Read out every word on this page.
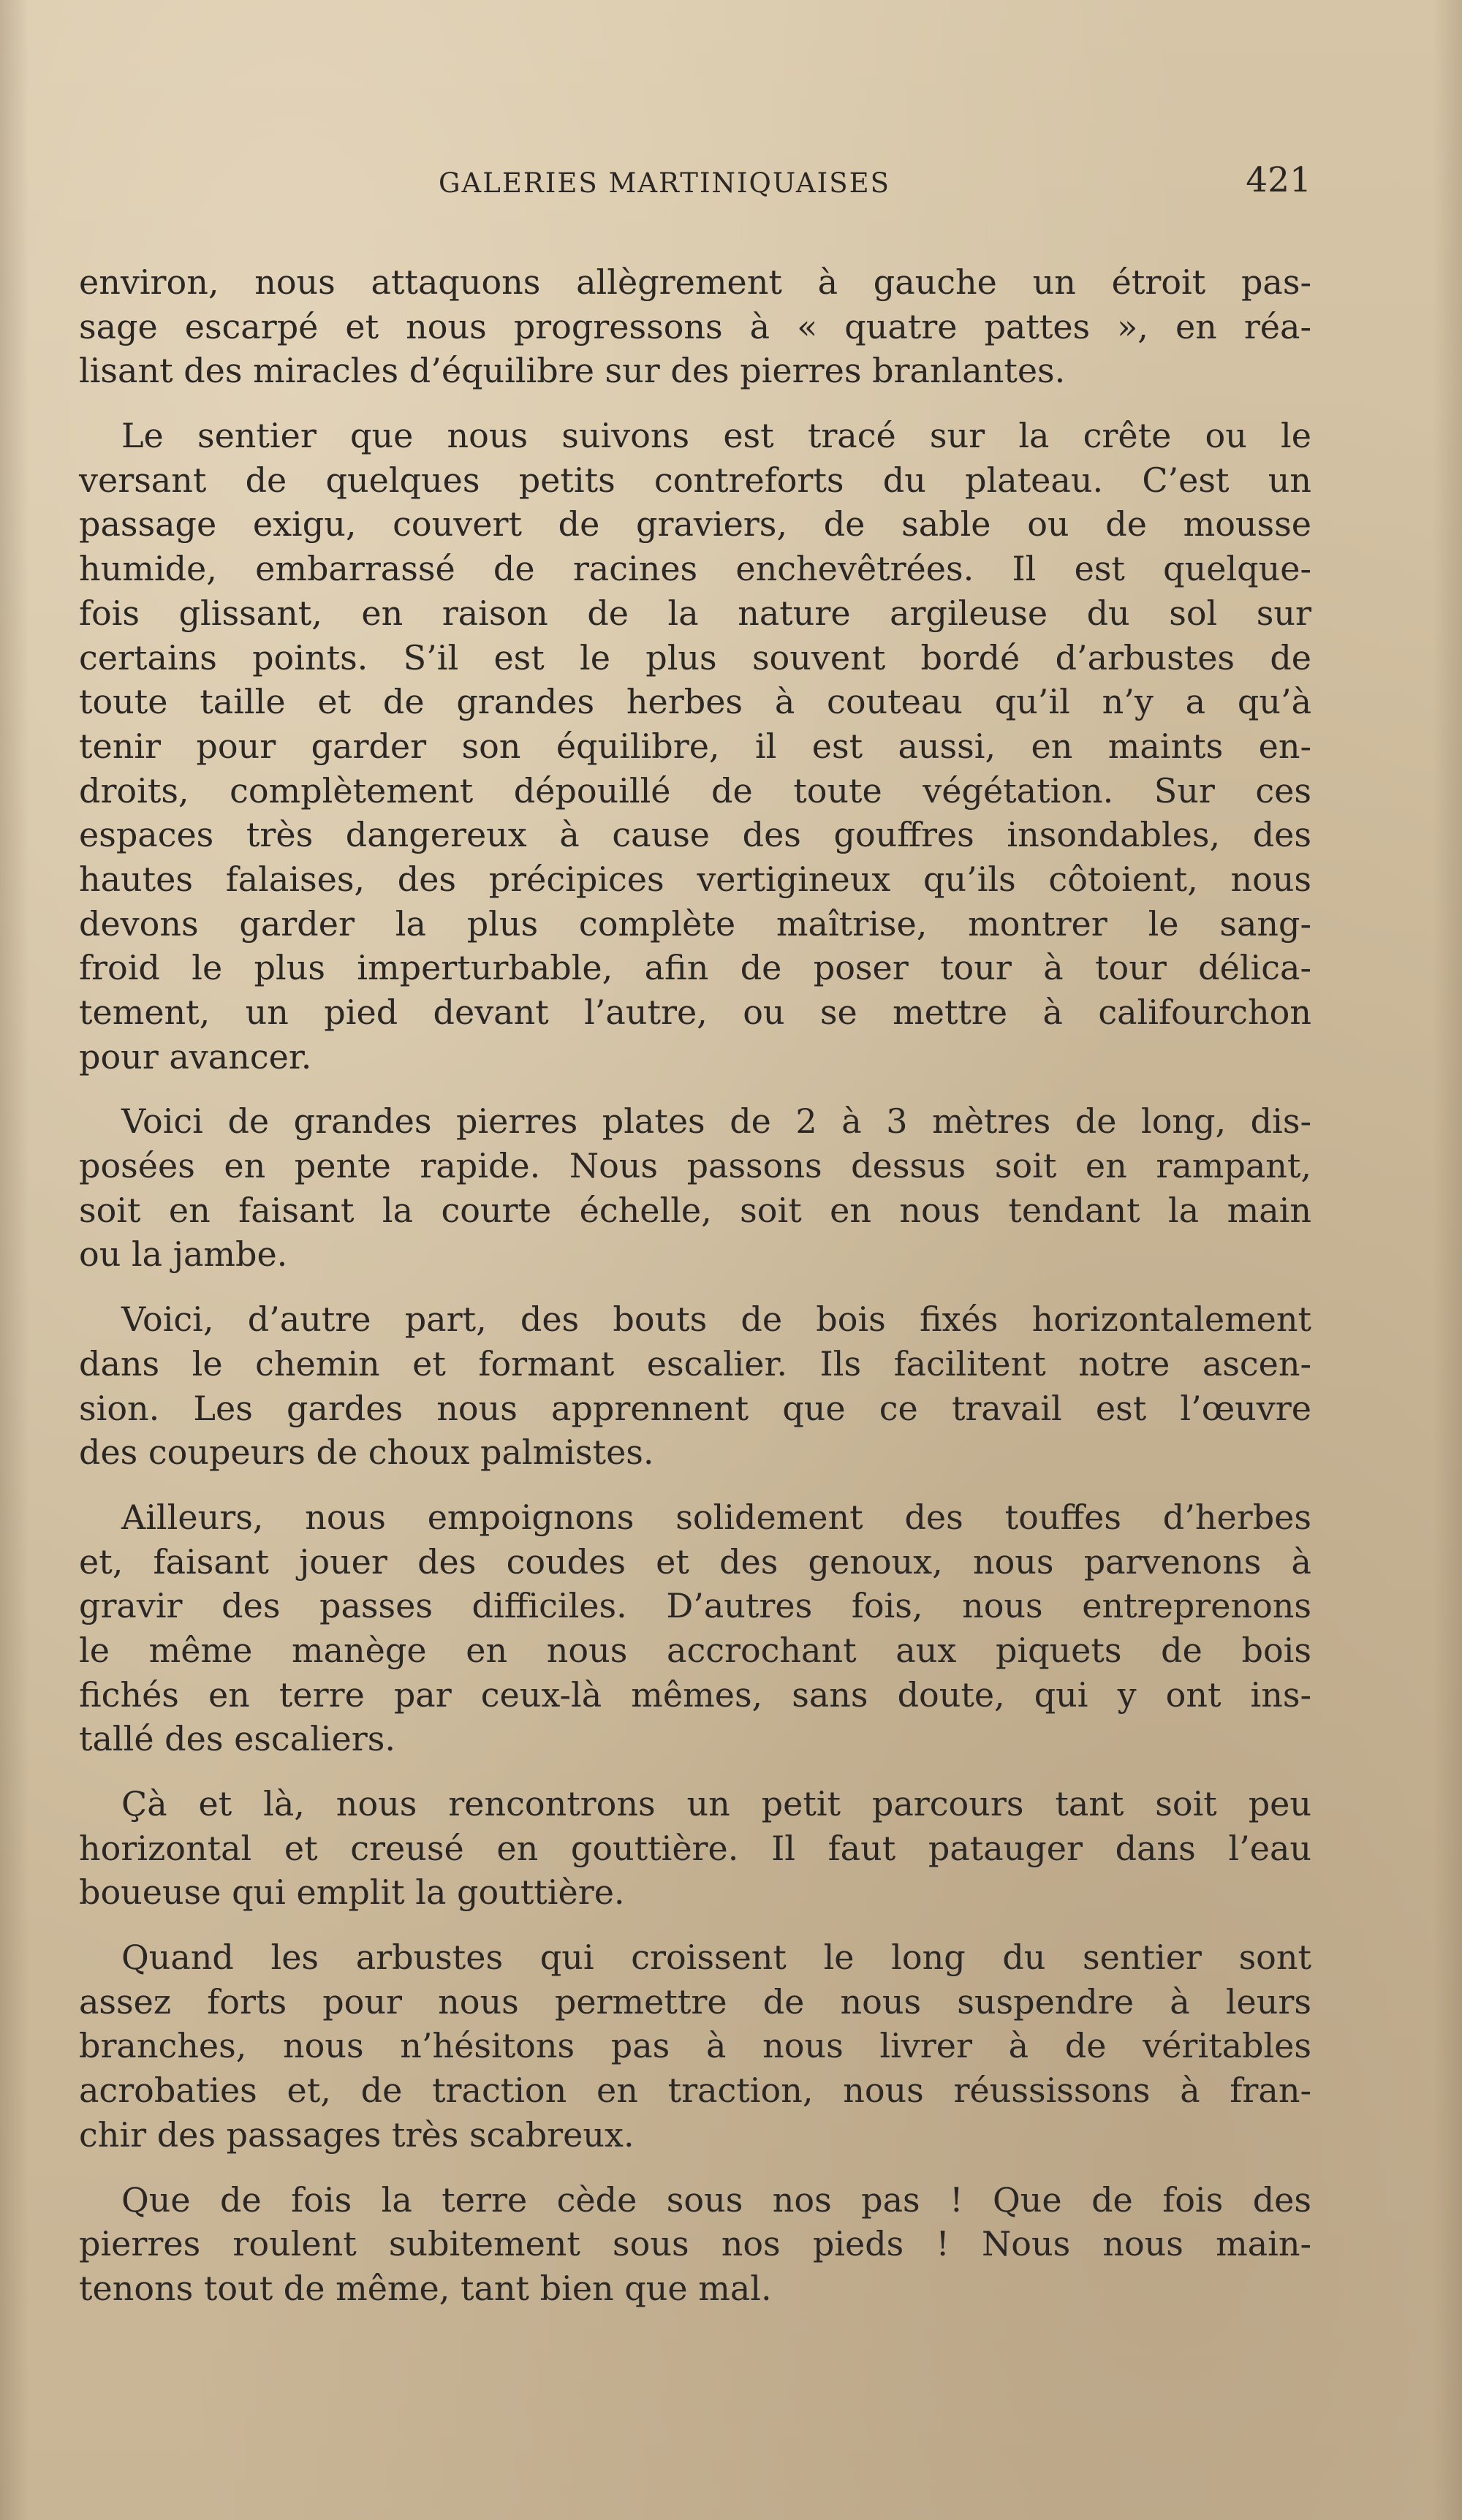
GALERIES MARTINIQUAISES	421
environ, nous attaquons allègrement à gauche un étroit pas-
sage escarpé et nous progressons à « quatre pattes », en réa-
lisant des miracles d’équilibre sur des pierres branlantes.
Le sentier que nous suivons est tracé sur la crête ou le
versant de quelques petits contreforts du plateau. C’est un
passage exigu, couvert de graviers, de sable ou de mousse
humide, embarrassé de racines enchevêtrées. Il est quelque-
fois glissant, en raison de la nature argileuse du sol sur
certains points. S’il est le plus souvent bordé d’arbustes de
toute taille et de grandes herbes à couteau qu’il n’y a qu’à
tenir pour garder son équilibre, il est aussi, en maints en-
droits, complètement dépouillé de toute végétation. Sur ces
espaces très dangereux à cause des gouffres insondables, des
hautes falaises, des précipices vertigineux qu’ils côtoient, nous
devons garder la plus complète maîtrise, montrer le sang-
froid le plus imperturbable, afin de poser tour à tour délica-
tement, un pied devant l’autre, ou se mettre à califourchon
pour avancer.
Voici de grandes pierres plates de 2 à 3 mètres de long, dis-
posées en pente rapide. Nous passons dessus soit en rampant,
soit en faisant la courte échelle, soit en nous tendant la main
ou la jambe.
Voici, d’autre part, des bouts de bois fixés horizontalement
dans le chemin et formant escalier. Ils facilitent notre ascen-
sion. Les gardes nous apprennent que ce travail est l’œuvre
des coupeurs de choux palmistes.
Ailleurs, nous empoignons solidement des touffes d’herbes
et, faisant jouer des coudes et des genoux, nous parvenons à
gravir des passes difficiles. D’autres fois, nous entreprenons
le même manège en nous accrochant aux piquets de bois
fichés en terre par ceux-là mêmes, sans doute, qui y ont ins-
tallé des escaliers.
Çà et là, nous rencontrons un petit parcours tant soit peu
horizontal et creusé en gouttière. Il faut patauger dans l’eau
boueuse qui emplit la gouttière.
Quand les arbustes qui croissent le long du sentier sont
assez forts pour nous permettre de nous suspendre à leurs
branches, nous n’hésitons pas à nous livrer à de véritables
acrobaties et, de traction en traction, nous réussissons à fran-
chir des passages très scabreux.
Que de fois la terre cède sous nos pas ! Que de fois des
pierres roulent subitement sous nos pieds ! Nous nous main-
tenons tout de même, tant bien que mal.
